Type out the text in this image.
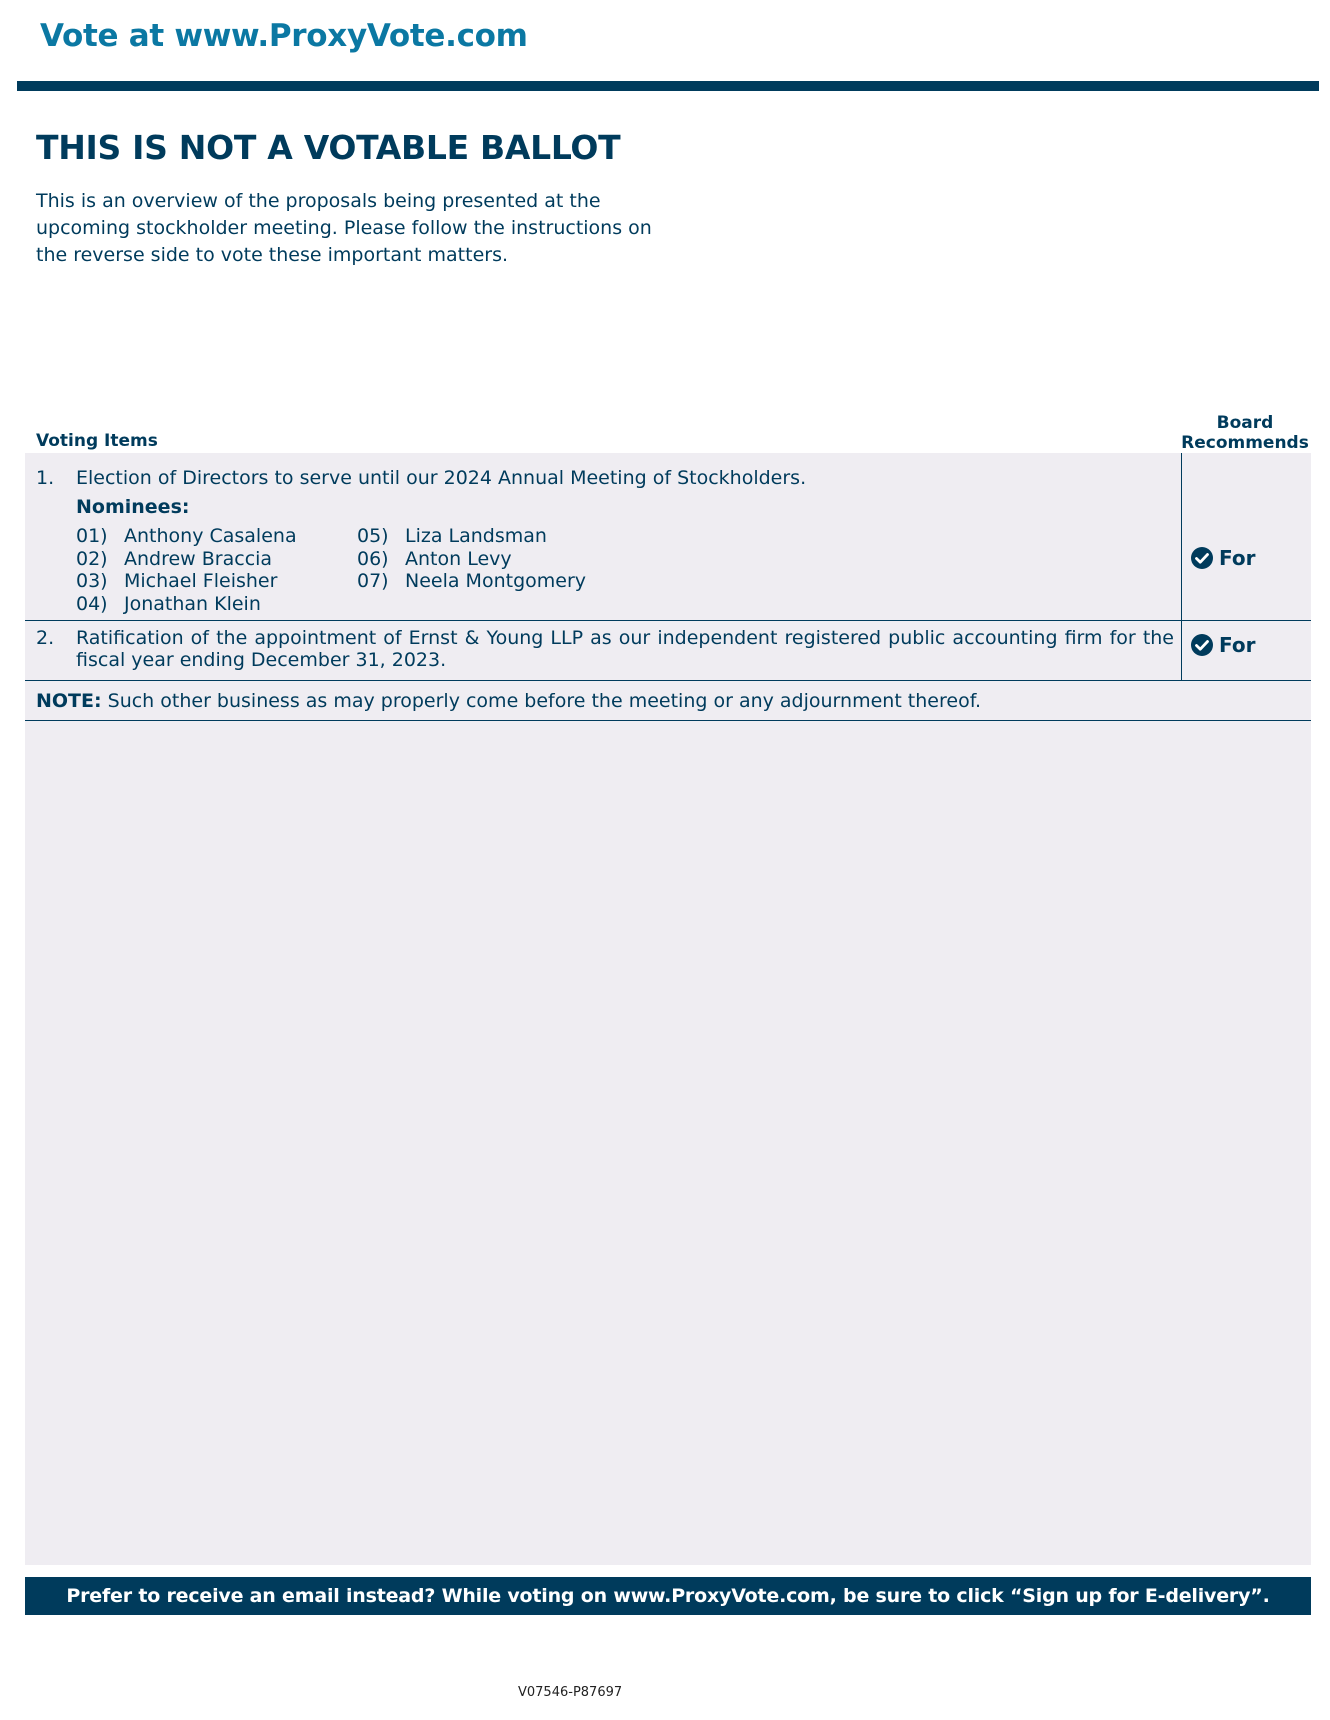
Vote at www.ProxyVote.com
THIS IS NOT A VOTABLE BALLOT
This is an overview of the proposals being presented at the
upcoming stockholder meeting. Please follow the instructions on
the reverse side to vote these important matters.
Voting Items
Board
Recommends
1. Election of Directors to serve until our 2024 Annual Meeting of Stockholders.
Nominees:
01) Anthony Casalena
02) Andrew Braccia
03) Michael Fleisher
04) Jonathan Klein
05) Liza Landsman
06) Anton Levy
07) Neela Montgomery
For
2. Ratification of the appointment of Ernst & Young LLP as our independent registered public accounting firm for the fiscal year ending December 31, 2023.
For
NOTE: Such other business as may properly come before the meeting or any adjournment thereof.
Prefer to receive an email instead? While voting on www.ProxyVote.com, be sure to click “Sign up for E-delivery”.
V07546-P87697
